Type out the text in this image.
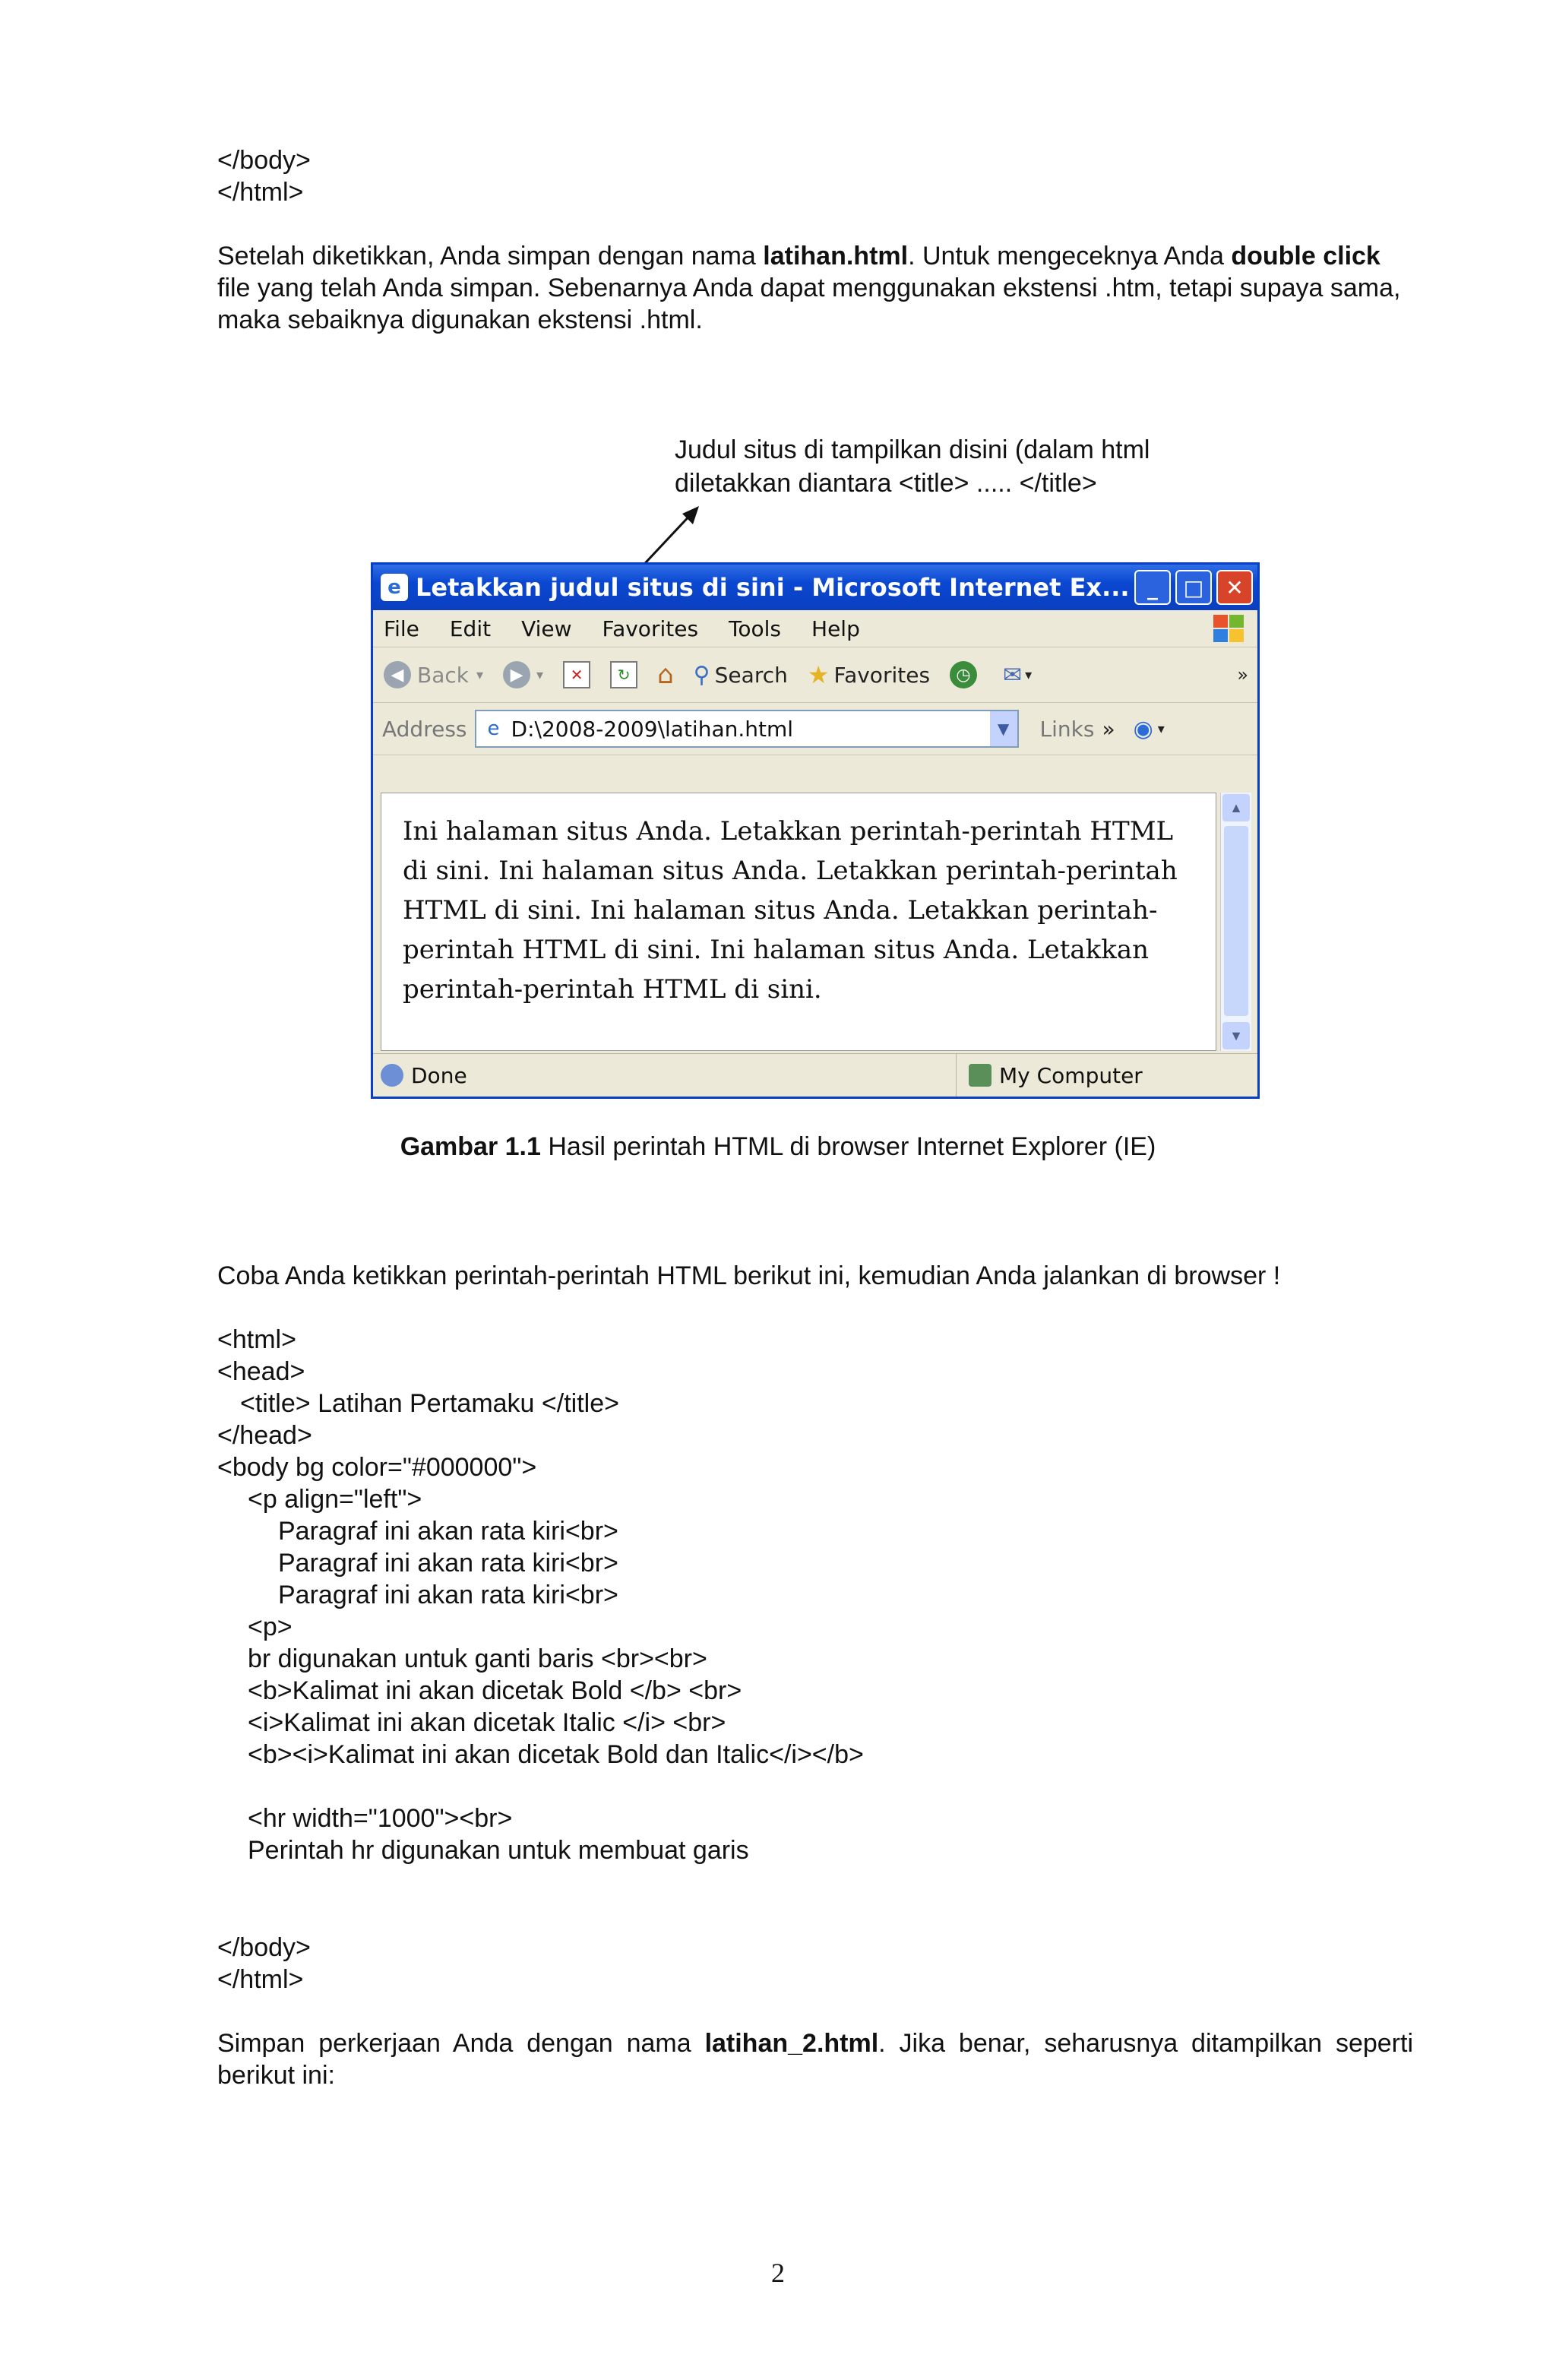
</body>
</html>
Setelah diketikkan, Anda simpan dengan nama latihan.html. Untuk mengeceknya Anda double click file yang telah Anda simpan. Sebenarnya Anda dapat menggunakan ekstensi .htm, tetapi supaya sama, maka sebaiknya digunakan ekstensi .html.
Judul situs di tampilkan disini (dalam html
diletakkan diantara <title> ..... </title>
e Letakkan judul situs di sini - Microsoft Internet Ex... _	□	✕
File Edit View Favorites Tools Help
◀ Back ▾	▶ ▾	✕	↻ ⌂ ⚲ Search ★ Favorites	◷ ✉ ▾	»
Address	e D:\2008-2009\latihan.html	▼	Links » ◉ ▾
Ini halaman situs Anda. Letakkan perintah-perintah HTML di sini. Ini halaman situs Anda. Letakkan perintah-perintah HTML di sini. Ini halaman situs Anda. Letakkan perintah-perintah HTML di sini. Ini halaman situs Anda. Letakkan perintah-perintah HTML di sini.
▲
▼
Done	My Computer
Gambar 1.1 Hasil perintah HTML di browser Internet Explorer (IE)
Coba Anda ketikkan perintah-perintah HTML berikut ini, kemudian Anda jalankan di browser !
<html>
<head>
<title> Latihan Pertamaku </title>
</head>
<body bg color="#000000">
<p align="left">
Paragraf ini akan rata kiri<br>
Paragraf ini akan rata kiri<br>
Paragraf ini akan rata kiri<br>
<p>
br digunakan untuk ganti baris <br><br>
<b>Kalimat ini akan dicetak Bold </b> <br>
<i>Kalimat ini akan dicetak Italic </i> <br>
<b><i>Kalimat ini akan dicetak Bold dan Italic</i></b>
<hr width="1000"><br>
Perintah hr digunakan untuk membuat garis
</body>
</html>
Simpan perkerjaan Anda dengan nama latihan_2.html. Jika benar, seharusnya ditampilkan seperti berikut ini:
2
